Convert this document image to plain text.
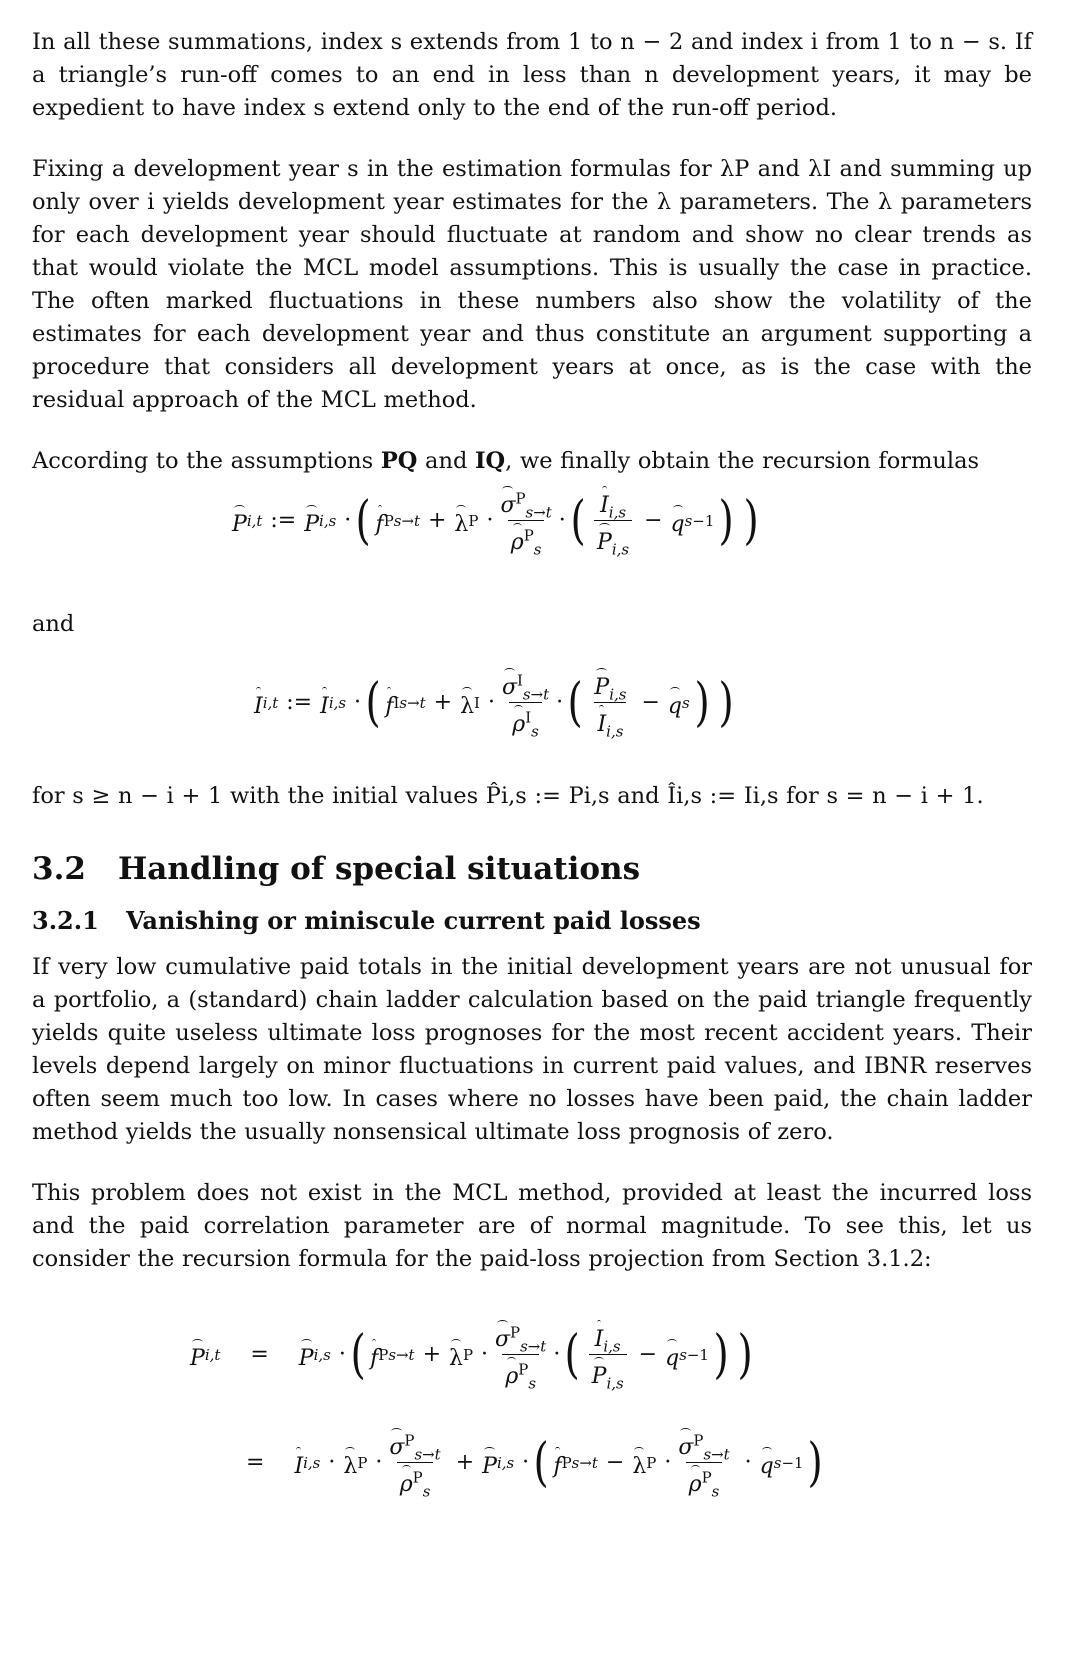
In all these summations, index s extends from 1 to n − 2 and index i from 1 to n − s. If a triangle’s run-off comes to an end in less than n development years, it may be expedient to have index s extend only to the end of the run-off period.

Fixing a development year s in the estimation formulas for λP and λI and summing up only over i yields development year estimates for the λ parameters. The λ parameters for each development year should fluctuate at random and show no clear trends as that would violate the MCL model assumptions. This is usually the case in practice. The often marked fluctuations in these numbers also show the volatility of the estimates for each development year and thus constitute an argument supporting a procedure that considers all development years at once, as is the case with the residual approach of the MCL method.

According to the assumptions PQ and IQ, we finally obtain the recursion formulas

P i,t := P i,s · ( f P s→t + λ $P \cdot \frac{\sigma^P_{s\to t}}{\rho^P_s}$ · ( $\frac{I_{i,s}}{P_{i,s}} - q$ s −1 ) )
and
I i,t := I i,s · ( f I s→t + λ $I \cdot \frac{\sigma^I_{s\to t}}{\rho^I_s}$ · ( $\frac{P_{i,s}}{I_{i,s}} - q$ s ) )

for s ≥ n − i + 1 with the initial values P̂i,s := Pi,s and Îi,s := Ii,s for s = n − i + 1.

3.2 Handling of special situations
3.2.1 Vanishing or miniscule current paid losses

If very low cumulative paid totals in the initial development years are not unusual for a portfolio, a (standard) chain ladder calculation based on the paid triangle frequently yields quite useless ultimate loss prognoses for the most recent accident years. Their levels depend largely on minor fluctuations in current paid values, and IBNR reserves often seem much too low. In cases where no losses have been paid, the chain ladder method yields the usually nonsensical ultimate loss prognosis of zero.

This problem does not exist in the MCL method, provided at least the incurred loss and the paid correlation parameter are of normal magnitude. To see this, let us consider the recursion formula for the paid-loss projection from Section 3.1.2:

P i,t = P i,s · ( f P s→t + λ $P \cdot \frac{\sigma^P_{s\to t}}{\rho^P_s}$ · ( $\frac{I_{i,s}}{P_{i,s}} - q$ s −1 ) )
= I i,s · λ $P \cdot \frac{\sigma^P_{s\to t}}{\rho^P_s} + P$ i,s · ( f P s→t − λ $P \cdot \frac{\sigma^P_{s\to t}}{\rho^P_s} \cdot q$ s −1 )
